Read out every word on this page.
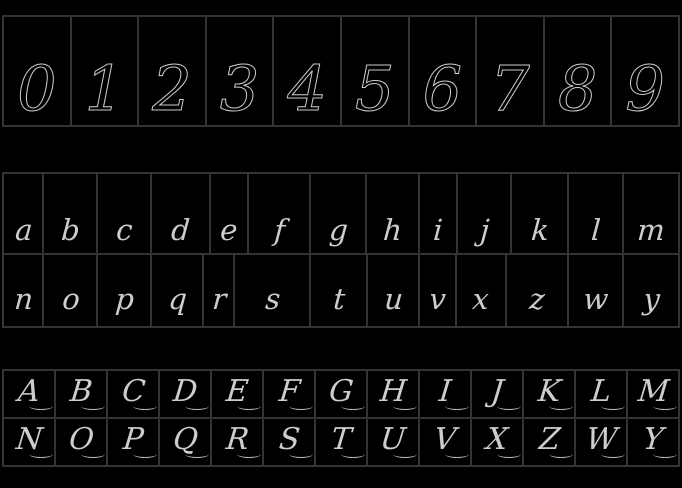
0 1 2 3 4 5 6 7 8 9
a b c d e f g h i j k l m
n o p q r s t u v x z w y
A B C D E F G H I J K L M
N O P Q R S T U V X Z W Y
